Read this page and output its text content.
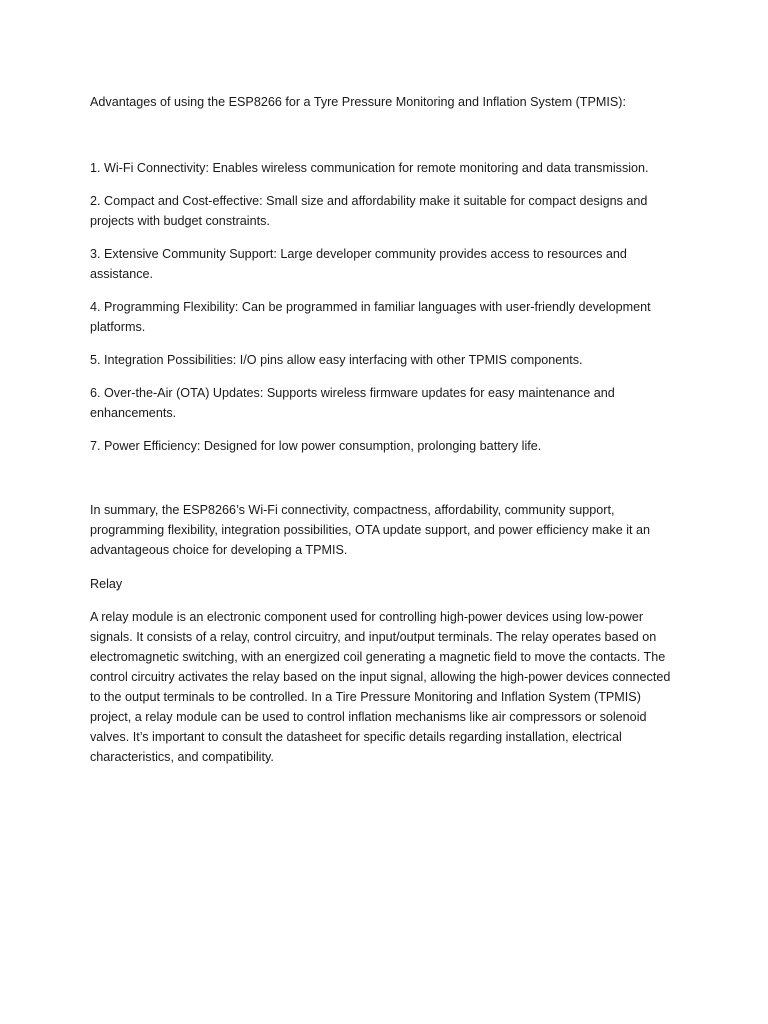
Advantages of using the ESP8266 for a Tyre Pressure Monitoring and Inflation System (TPMIS):

1. Wi-Fi Connectivity: Enables wireless communication for remote monitoring and data transmission.

2. Compact and Cost-effective: Small size and affordability make it suitable for compact designs and projects with budget constraints.

3. Extensive Community Support: Large developer community provides access to resources and assistance.

4. Programming Flexibility: Can be programmed in familiar languages with user-friendly development platforms.

5. Integration Possibilities: I/O pins allow easy interfacing with other TPMIS components.

6. Over-the-Air (OTA) Updates: Supports wireless firmware updates for easy maintenance and enhancements.

7. Power Efficiency: Designed for low power consumption, prolonging battery life.

In summary, the ESP8266’s Wi-Fi connectivity, compactness, affordability, community support, programming flexibility, integration possibilities, OTA update support, and power efficiency make it an advantageous choice for developing a TPMIS.

Relay

A relay module is an electronic component used for controlling high-power devices using low-power signals. It consists of a relay, control circuitry, and input/output terminals. The relay operates based on electromagnetic switching, with an energized coil generating a magnetic field to move the contacts. The control circuitry activates the relay based on the input signal, allowing the high-power devices connected to the output terminals to be controlled. In a Tire Pressure Monitoring and Inflation System (TPMIS) project, a relay module can be used to control inflation mechanisms like air compressors or solenoid valves. It’s important to consult the datasheet for specific details regarding installation, electrical characteristics, and compatibility.
